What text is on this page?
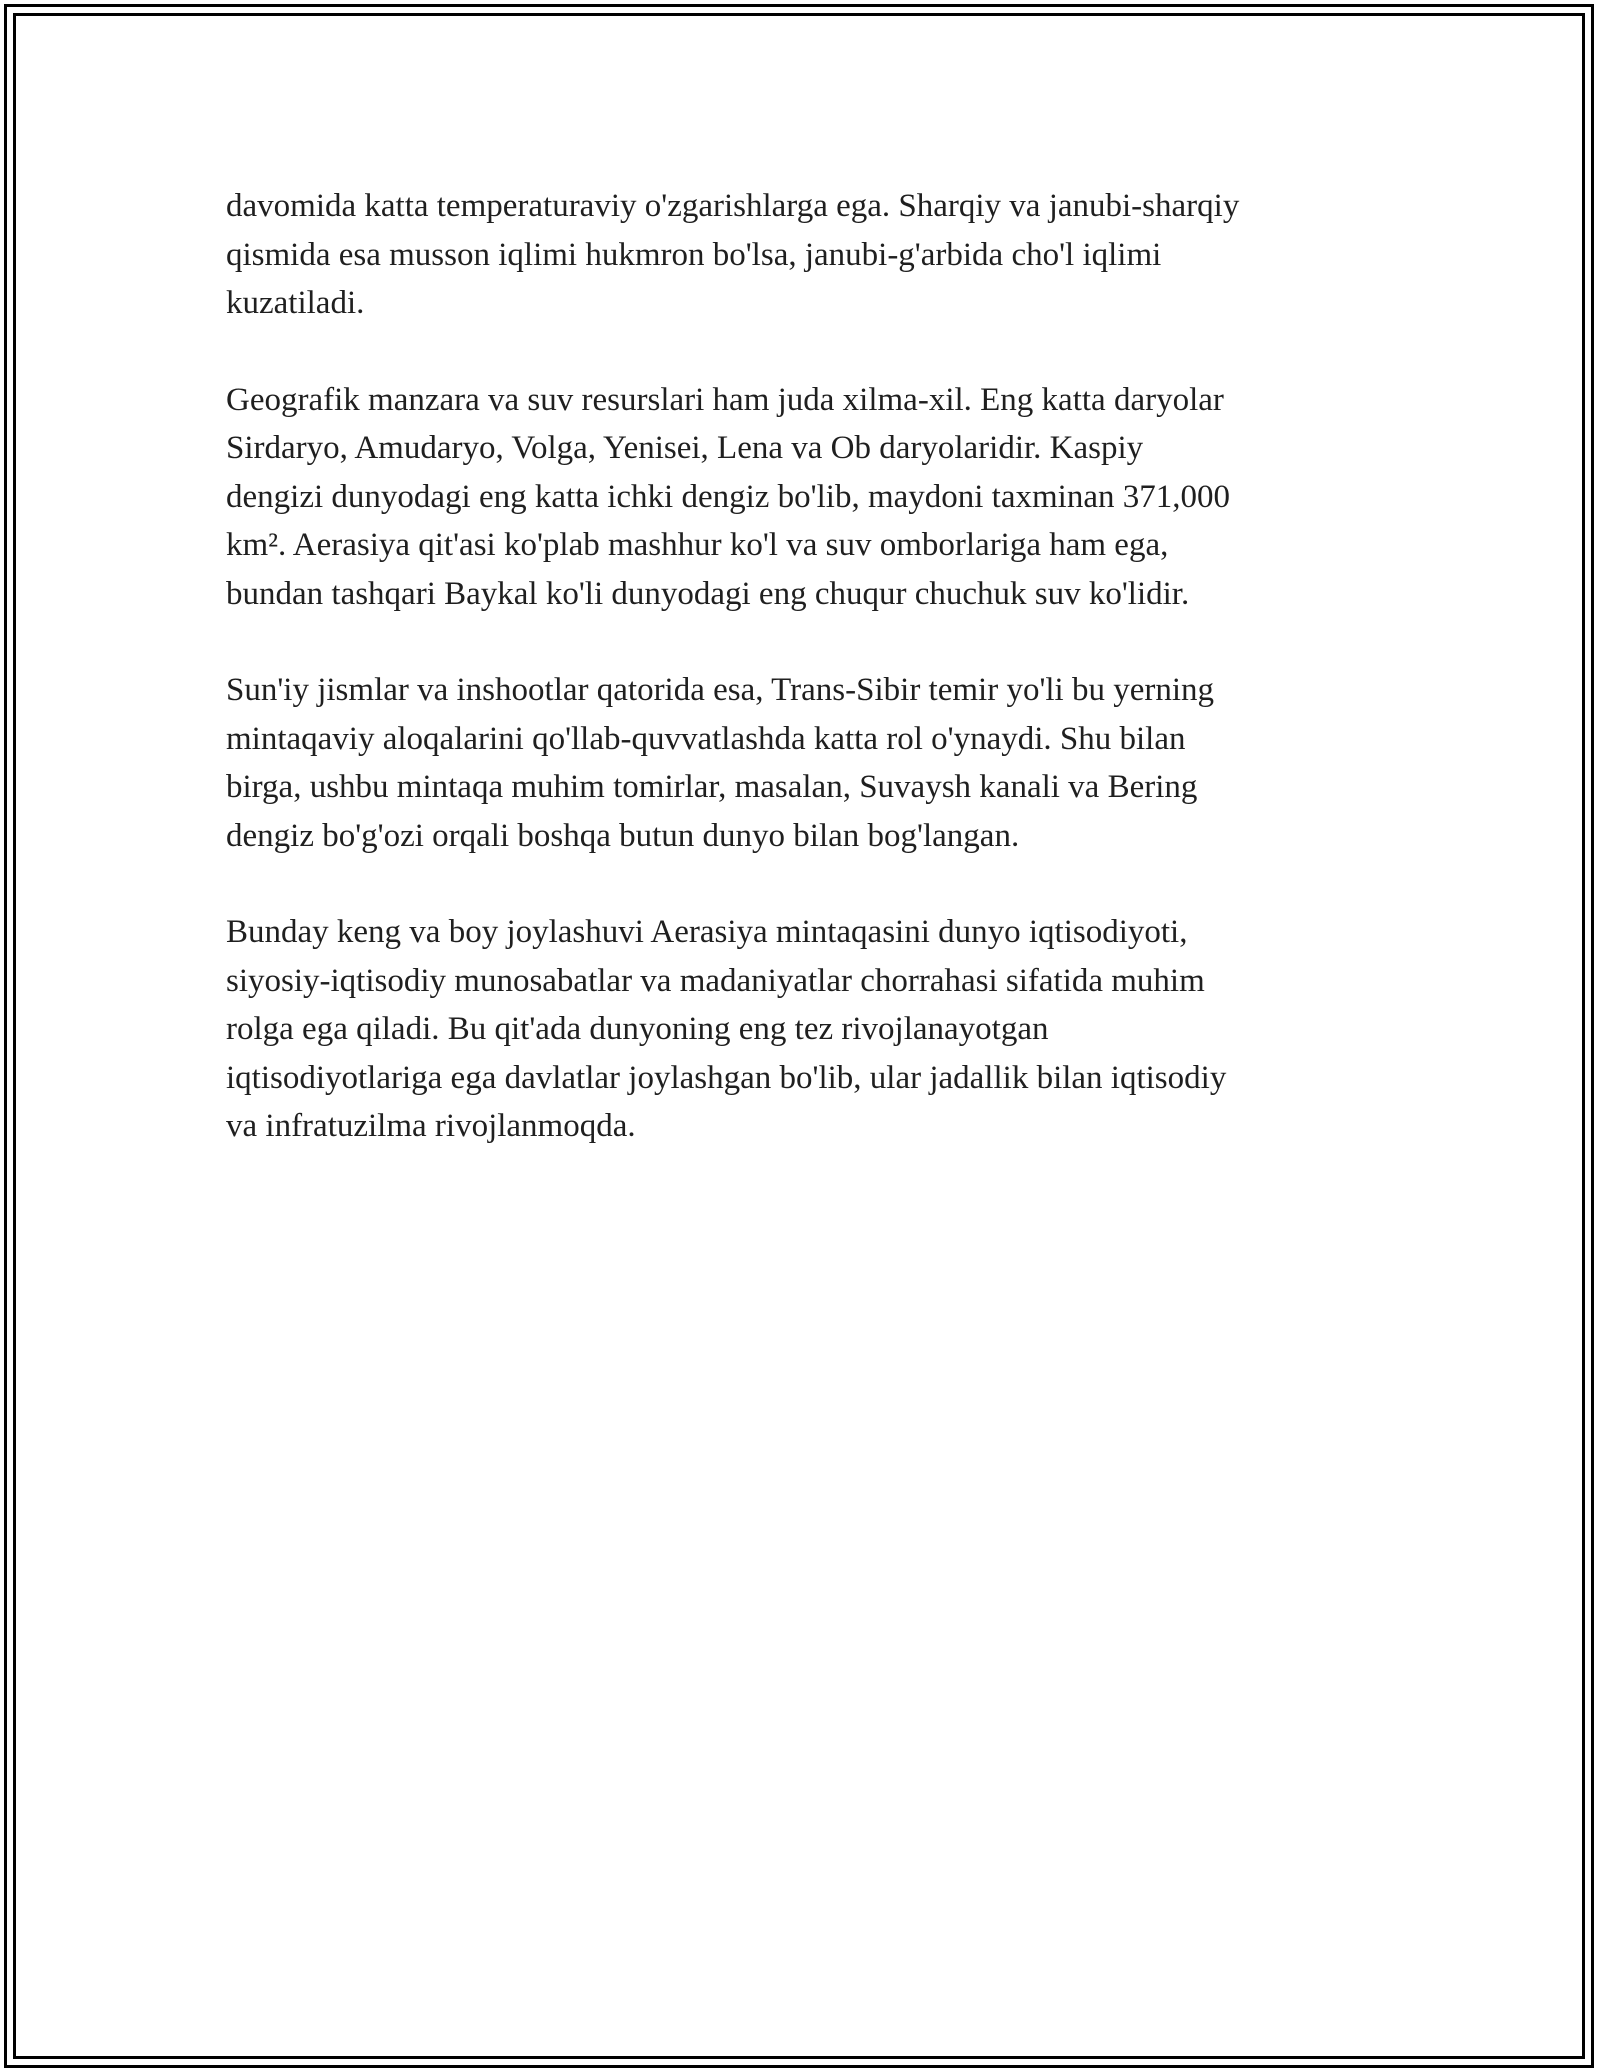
davomida katta temperaturaviy o'zgarishlarga ega. Sharqiy va janubi-sharqiy
qismida esa musson iqlimi hukmron bo'lsa, janubi-g'arbida cho'l iqlimi
kuzatiladi.

Geografik manzara va suv resurslari ham juda xilma-xil. Eng katta daryolar
Sirdaryo, Amudaryo, Volga, Yenisei, Lena va Ob daryolaridir. Kaspiy
dengizi dunyodagi eng katta ichki dengiz bo'lib, maydoni taxminan 371,000
km². Aerasiya qit'asi ko'plab mashhur ko'l va suv omborlariga ham ega,
bundan tashqari Baykal ko'li dunyodagi eng chuqur chuchuk suv ko'lidir.

Sun'iy jismlar va inshootlar qatorida esa, Trans-Sibir temir yo'li bu yerning
mintaqaviy aloqalarini qo'llab-quvvatlashda katta rol o'ynaydi. Shu bilan
birga, ushbu mintaqa muhim tomirlar, masalan, Suvaysh kanali va Bering
dengiz bo'g'ozi orqali boshqa butun dunyo bilan bog'langan.

Bunday keng va boy joylashuvi Aerasiya mintaqasini dunyo iqtisodiyoti,
siyosiy-iqtisodiy munosabatlar va madaniyatlar chorrahasi sifatida muhim
rolga ega qiladi. Bu qit'ada dunyoning eng tez rivojlanayotgan
iqtisodiyotlariga ega davlatlar joylashgan bo'lib, ular jadallik bilan iqtisodiy
va infratuzilma rivojlanmoqda.
